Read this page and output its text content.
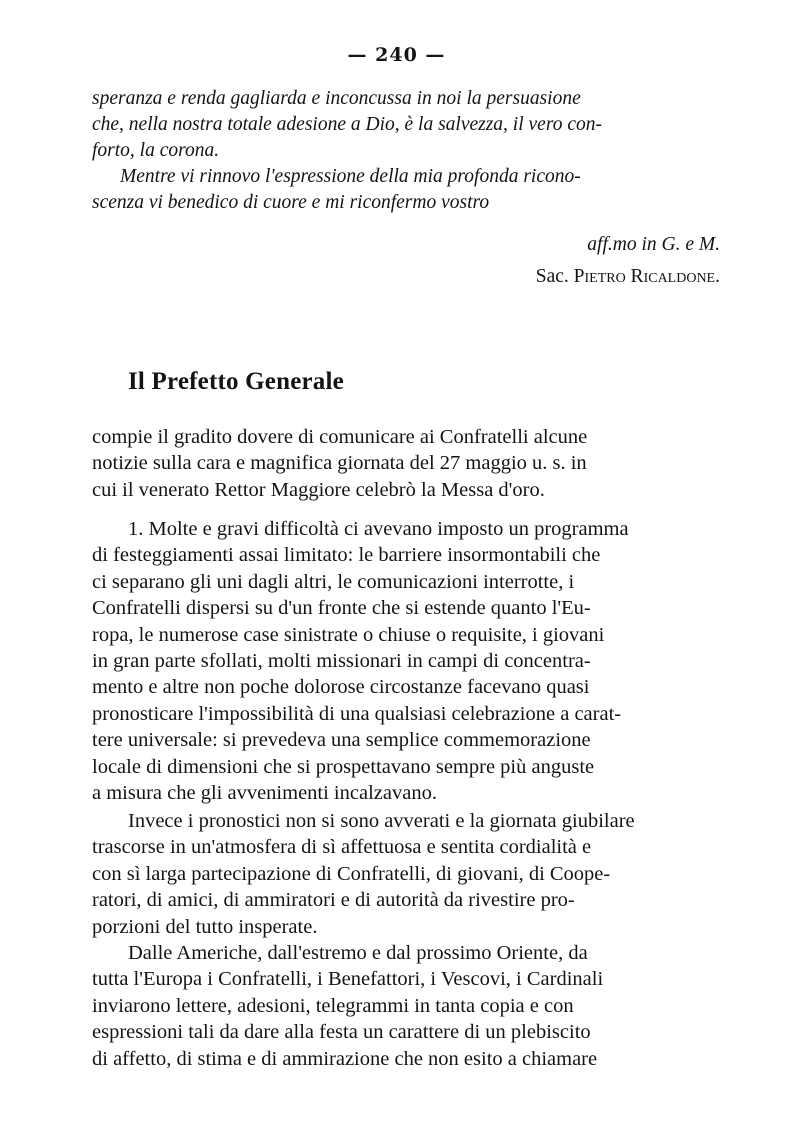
— 240 —
speranza e renda gagliarda e inconcussa in noi la persuasione
che, nella nostra totale adesione a Dio, è la salvezza, il vero con-
forto, la corona.
Mentre vi rinnovo l'espressione della mia profonda ricono-
scenza vi benedico di cuore e mi riconfermo vostro
aff.mo in G. e M.
Sac. Pietro Ricaldone.
Il Prefetto Generale
compie il gradito dovere di comunicare ai Confratelli alcune
notizie sulla cara e magnifica giornata del 27 maggio u. s. in
cui il venerato Rettor Maggiore celebrò la Messa d'oro.
1. Molte e gravi difficoltà ci avevano imposto un programma
di festeggiamenti assai limitato: le barriere insormontabili che
ci separano gli uni dagli altri, le comunicazioni interrotte, i
Confratelli dispersi su d'un fronte che si estende quanto l'Eu-
ropa, le numerose case sinistrate o chiuse o requisite, i giovani
in gran parte sfollati, molti missionari in campi di concentra-
mento e altre non poche dolorose circostanze facevano quasi
pronosticare l'impossibilità di una qualsiasi celebrazione a carat-
tere universale: si prevedeva una semplice commemorazione
locale di dimensioni che si prospettavano sempre più anguste
a misura che gli avvenimenti incalzavano.
Invece i pronostici non si sono avverati e la giornata giubilare
trascorse in un'atmosfera di sì affettuosa e sentita cordialità e
con sì larga partecipazione di Confratelli, di giovani, di Coope-
ratori, di amici, di ammiratori e di autorità da rivestire pro-
porzioni del tutto insperate.
Dalle Americhe, dall'estremo e dal prossimo Oriente, da
tutta l'Europa i Confratelli, i Benefattori, i Vescovi, i Cardinali
inviarono lettere, adesioni, telegrammi in tanta copia e con
espressioni tali da dare alla festa un carattere di un plebiscito
di affetto, di stima e di ammirazione che non esito a chiamare
